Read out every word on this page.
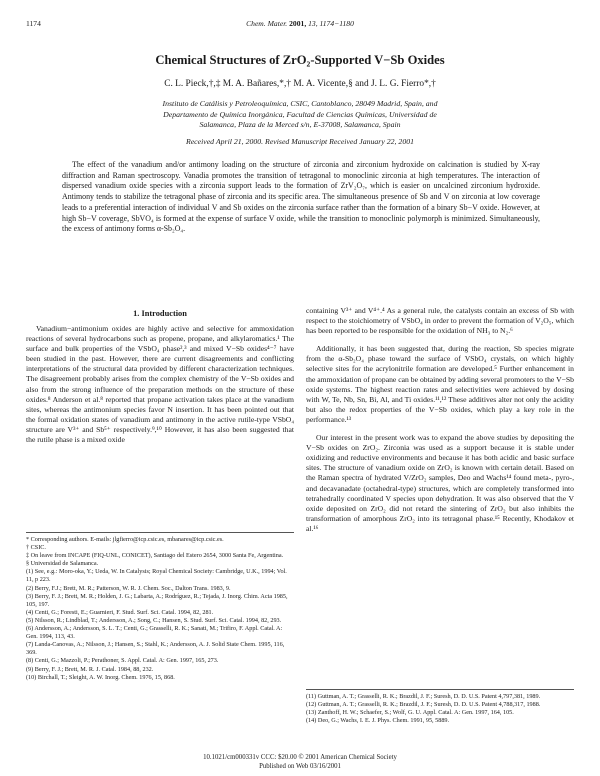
1174	Chem. Mater. 2001, 13, 1174−1180
Chemical Structures of ZrO₂-Supported V−Sb Oxides
C. L. Pieck,†,‡ M. A. Bañares,*,† M. A. Vicente,§ and J. L. G. Fierro*,†
Instituto de Catálisis y Petroleoquímica, CSIC, Cantoblanco, 28049 Madrid, Spain, and
Departamento de Química Inorgánica, Facultad de Ciencias Químicas, Universidad de
Salamanca, Plaza de la Merced s/n, E-37008, Salamanca, Spain
Received April 21, 2000. Revised Manuscript Received January 22, 2001

The effect of the vanadium and/or antimony loading on the structure of zirconia and zirconium hydroxide on calcination is studied by X-ray diffraction and Raman spectroscopy. Vanadia promotes the transition of tetragonal to monoclinic zirconia at high temperatures. The interaction of dispersed vanadium oxide species with a zirconia support leads to the formation of ZrV₂O₇, which is easier on uncalcined zirconium hydroxide. Antimony tends to stabilize the tetragonal phase of zirconia and its specific area. The simultaneous presence of Sb and V on zirconia at low coverage leads to a preferential interaction of individual V and Sb oxides on the zirconia surface rather than the formation of a binary Sb−V oxide. However, at high Sb−V coverage, SbVO₄ is formed at the expense of surface V oxide, while the transition to monoclinic polymorph is minimized. Simultaneously, the excess of antimony forms α-Sb₂O₄.

1. Introduction

Vanadium−antimonium oxides are highly active and selective for ammoxidation reactions of several hydrocarbons such as propene, propane, and alkylaromatics.¹ The surface and bulk properties of the VSbO₄ phase²,³ and mixed V−Sb oxides⁴⁻⁷ have been studied in the past. However, there are current disagreements and conflicting interpretations of the structural data provided by different characterization techniques. The disagreement probably arises from the complex chemistry of the V−Sb oxides and also from the strong influence of the preparation methods on the structure of these oxides.⁸ Anderson et al.⁸ reported that propane activation takes place at the vanadium sites, whereas the antimonium species favor N insertion. It has been pointed out that the formal oxidation states of vanadium and antimony in the active rutile-type VSbO₄ structure are V³⁺ and Sb⁵⁺ respectively.⁹,¹⁰ However, it has also been suggested that the rutile phase is a mixed oxide

* Corresponding authors. E-mails: jlgfierro@icp.csic.es, mbanares@icp.csic.es.
† CSIC.
‡ On leave from INCAPE (FIQ-UNL, CONICET), Santiago del Estero 2654, 3000 Santa Fe, Argentina.
§ Universidad de Salamanca.
(1) See, e.g.: Moro-oka, Y.; Ueda, W. In Catalysis; Royal Chemical Society: Cambridge, U.K., 1994; Vol. 11, p 223.
(2) Berry, F.J.; Brett, M. R.; Patterson, W. R. J. Chem. Soc., Dalton Trans. 1983, 9.
(3) Berry, F. J.; Brett, M. R.; Holden, J. G.; Labarta, A.; Rodríguez, R.; Tejada, J. Inorg. Chim. Acta 1985, 105, 197.
(4) Centi, G.; Foresti, E.; Guarnieri, F. Stud. Surf. Sci. Catal. 1994, 82, 281.
(5) Nilsson, R.; Lindblad, T.; Andersson, A.; Song, C.; Hansen, S. Stud. Surf. Sci. Catal. 1994, 82, 293.
(6) Andersson, A.; Andersson, S. L. T.; Centi, G.; Grasselli, R. K.; Sanati, M.; Trifiro, F. Appl. Catal. A: Gen. 1994, 113, 43.
(7) Landa-Canovas, A.; Nilsson, J.; Hansen, S.; Stahl, K.; Andersson, A. J. Solid State Chem. 1995, 116, 369.
(8) Centi, G.; Mazzoli, P.; Perathoner, S. Appl. Catal. A: Gen. 1997, 165, 273.
(9) Berry, F. J.; Brett, M. R. J. Catal. 1984, 88, 232.
(10) Birchall, T.; Sleight, A. W. Inorg. Chem. 1976, 15, 868.

containing V³⁺ and V⁴⁺.⁴ As a general rule, the catalysts contain an excess of Sb with respect to the stoichiometry of VSbO₄ in order to prevent the formation of V₂O₅, which has been reported to be responsible for the oxidation of NH₃ to N₂.⁶

Additionally, it has been suggested that, during the reaction, Sb species migrate from the α-Sb₂O₄ phase toward the surface of VSbO₄ crystals, on which highly selective sites for the acrylonitrile formation are developed.⁵ Further enhancement in the ammoxidation of propane can be obtained by adding several promoters to the V−Sb oxide systems. The highest reaction rates and selectivities were achieved by dosing with W, Te, Nb, Sn, Bi, Al, and Ti oxides.¹¹,¹² These additives alter not only the acidity but also the redox properties of the V−Sb oxides, which play a key role in the performance.¹³

Our interest in the present work was to expand the above studies by depositing the V−Sb oxides on ZrO₂. Zirconia was used as a support because it is stable under oxidizing and reductive environments and because it has both acidic and basic surface sites. The structure of vanadium oxide on ZrO₂ is known with certain detail. Based on the Raman spectra of hydrated V/ZrO₂ samples, Deo and Wachs¹⁴ found meta-, pyro-, and decavanadate (octahedral-type) structures, which are completely transformed into tetrahedrally coordinated V species upon dehydration. It was also observed that the V oxide deposited on ZrO₂ did not retard the sintering of ZrO₂ but also inhibits the transformation of amorphous ZrO₂ into its tetragonal phase.¹⁵ Recently, Khodakov et al.¹⁶

(11) Guttman, A. T.; Grasselli, R. K.; Brazdil, J. F.; Suresh, D. D. U.S. Patent 4,797,381, 1989.
(12) Guttman, A. T.; Grasselli, R. K.; Brazdil, J. F.; Suresh, D. D. U.S. Patent 4,788,317, 1988.
(13) Zanthoff, H. W.; Schaefer, S.; Wolf, G. U. Appl. Catal. A: Gen. 1997, 164, 105.
(14) Deo, G.; Wachs, I. E. J. Phys. Chem. 1991, 95, 5889.
10.1021/cm000331v CCC: $20.00 © 2001 American Chemical Society
Published on Web 03/16/2001
